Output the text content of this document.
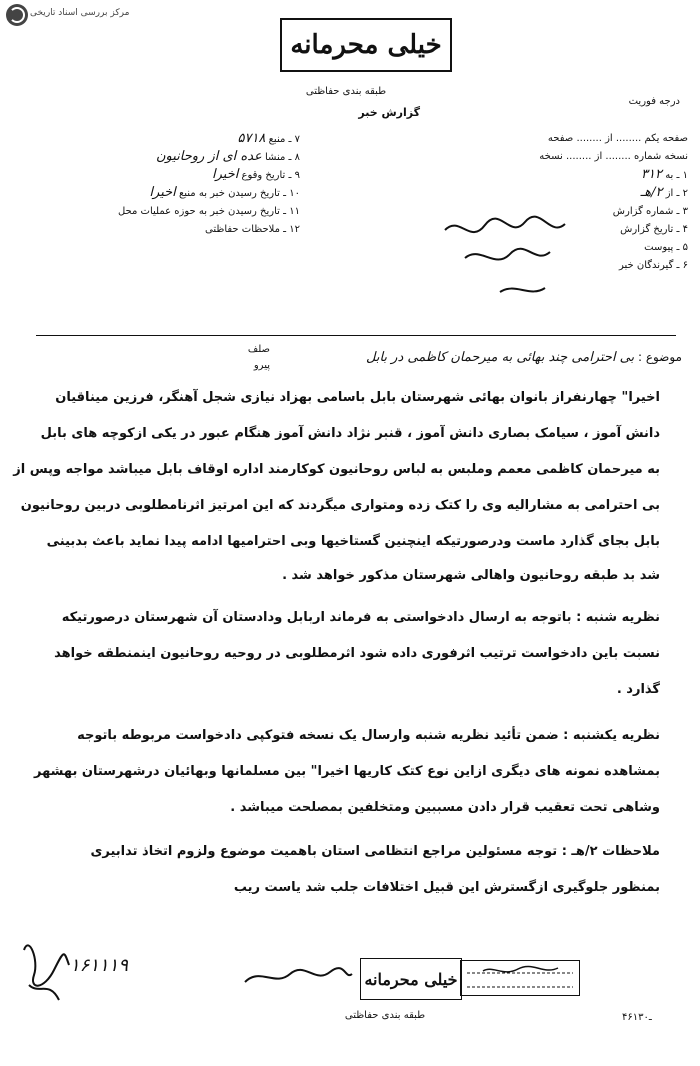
مرکز بررسی اسناد تاریخی
خیلی محرمانه
طبقه بندی حفاظتی
گزارش خبر
درجه فوریت
صفحه یکم ........ از ........ صفحه
نسخه شماره ........ از ........ نسخه
۱ ـ به ۳۱۲
۲ ـ از ۲/هـ
۳ ـ شماره گزارش
۴ ـ تاریخ گزارش
۵ ـ پیوست
۶ ـ گیرندگان خبر
۷ ـ منبع ۵۷۱۸
۸ ـ منشا عده ای از روحانیون
۹ ـ تاریخ وقوع اخیرا
۱۰ ـ تاریخ رسیدن خبر به منبع اخیرا
۱۱ ـ تاریخ رسیدن خبر به حوزه عملیات محل
۱۲ ـ ملاحظات حفاظتی
صلف
پیرو
موضوع : بی احترامی چند بهائی به میرحمان کاظمی در بابل
اخیرا" چهارنفراز بانوان بهائی شهرستان بابل باسامی بهزاد نیازی شجل آهنگر، فرزین میناقیان
دانش آموز ، سیامک بصاری دانش آموز ، قنبر نژاد دانش آموز هنگام عبور در یکی ازکوچه های بابل
به میرحمان کاظمی معمم وملبس به لباس روحانیون کوکارمند اداره اوقاف بابل میباشد مواجه وپس از
بی احترامی به مشارالیه وی را کتک زده ومتواری میگردند که این امرتیز اثرنامطلوبی دربین روحانیون
بابل بجای گذارد ماست ودرصورتیکه اینچنین گستاخیها وبی احترامیها ادامه پیدا نماید باعث بدبینی
شد بد طبقه روحانیون واهالی شهرستان مذکور خواهد شد .
نظریه شنبه : باتوجه به ارسال دادخواستی به فرماند اربابل ودادستان آن شهرستان درصورتیکه
نسبت باین دادخواست ترتیب اثرفوری داده شود اثرمطلوبی در روحیه روحانیون اینمنطقه خواهد
گذارد .
نظریه یکشنبه : ضمن تأئید نظریه شنبه وارسال یک نسخه فتوکپی دادخواست مربوطه باتوجه
بمشاهده نمونه های دیگری ازاین نوع کتک کاریها اخیرا" بین مسلمانها وبهائیان درشهرستان بهشهر
وشاهی تحت تعقیب قرار دادن مسببین ومتخلفین بمصلحت میباشد .
ملاحظات ۲/هـ : توجه مسئولین مراجع انتظامی استان باهمیت موضوع ولزوم اتخاذ تدابیری
بمنظور جلوگیری ازگسترش این قبیل اختلافات جلب شد یاست ریب
۱۶۱۱۱۹
خیلی محرمانه
طبقه بندی حفاظتی	۴۶ـ۱۳۰
